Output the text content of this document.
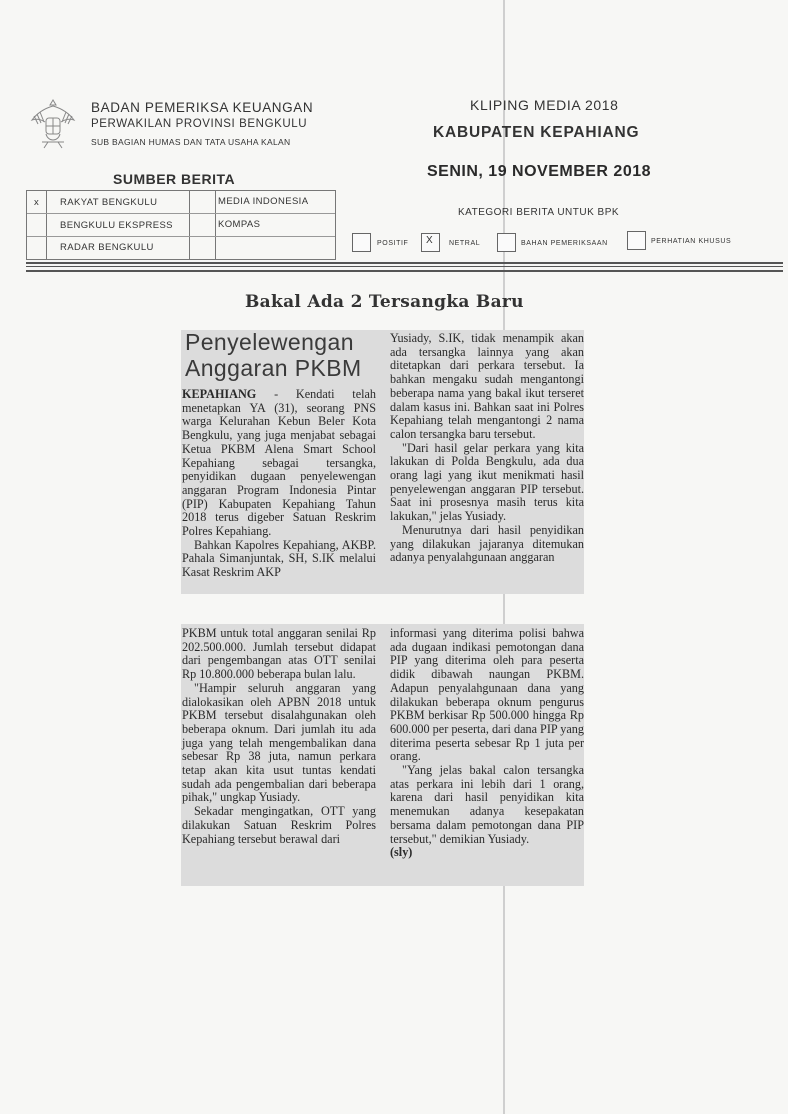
BADAN PEMERIKSA KEUANGAN
PERWAKILAN PROVINSI BENGKULU
SUB BAGIAN HUMAS DAN TATA USAHA KALAN
KLIPING MEDIA 2018
KABUPATEN KEPAHIANG
SENIN, 19 NOVEMBER 2018
SUMBER BERITA
KATEGORI BERITA UNTUK BPK
x RAKYAT BENGKULU
BENGKULU EKSPRESS
RADAR BENGKULU
MEDIA INDONESIA
KOMPAS
POSITIF X NETRAL	BAHAN PEMERIKSAAN	PERHATIAN KHUSUS
Bakal Ada 2 Tersangka Baru
Penyelewengan
Anggaran PKBM

KEPAHIANG - Kendati telah menetapkan YA (31), seorang PNS warga Kelurahan Kebun Beler Kota Bengkulu, yang juga menjabat sebagai Ketua PKBM Alena Smart School Kepahiang sebagai tersangka, penyidikan dugaan penyelewengan anggaran Program Indonesia Pintar (PIP) Kabupaten Kepahiang Tahun 2018 terus digeber Satuan Reskrim Polres Kepahiang.

Bahkan Kapolres Kepahiang, AKBP. Pahala Simanjuntak, SH, S.IK melalui Kasat Reskrim AKP

Yusiady, S.IK, tidak menampik akan ada tersangka lainnya yang akan ditetapkan dari perkara tersebut. Ia bahkan mengaku sudah mengantongi beberapa nama yang bakal ikut terseret dalam kasus ini. Bahkan saat ini Polres Kepahiang telah mengantongi 2 nama calon tersangka baru tersebut.

"Dari hasil gelar perkara yang kita lakukan di Polda Bengkulu, ada dua orang lagi yang ikut menikmati hasil penyelewengan anggaran PIP tersebut. Saat ini prosesnya masih terus kita lakukan," jelas Yusiady.

Menurutnya dari hasil penyidikan yang dilakukan jajaranya ditemukan adanya penyalahgunaan anggaran

PKBM untuk total anggaran senilai Rp 202.500.000. Jumlah tersebut didapat dari pengembangan atas OTT senilai Rp 10.800.000 beberapa bulan lalu.

"Hampir seluruh anggaran yang dialokasikan oleh APBN 2018 untuk PKBM tersebut disalahgunakan oleh beberapa oknum. Dari jumlah itu ada juga yang telah mengembalikan dana sebesar Rp 38 juta, namun perkara tetap akan kita usut tuntas kendati sudah ada pengembalian dari beberapa pihak," ungkap Yusiady.

Sekadar mengingatkan, OTT yang dilakukan Satuan Reskrim Polres Kepahiang tersebut berawal dari

informasi yang diterima polisi bahwa ada dugaan indikasi pemotongan dana PIP yang diterima oleh para peserta didik dibawah naungan PKBM. Adapun penyalahgunaan dana yang dilakukan beberapa oknum pengurus PKBM berkisar Rp 500.000 hingga Rp 600.000 per peserta, dari dana PIP yang diterima peserta sebesar Rp 1 juta per orang.

"Yang jelas bakal calon tersangka atas perkara ini lebih dari 1 orang, karena dari hasil penyidikan kita menemukan adanya kesepakatan bersama dalam pemotongan dana PIP tersebut," demikian Yusiady.

(sly)
